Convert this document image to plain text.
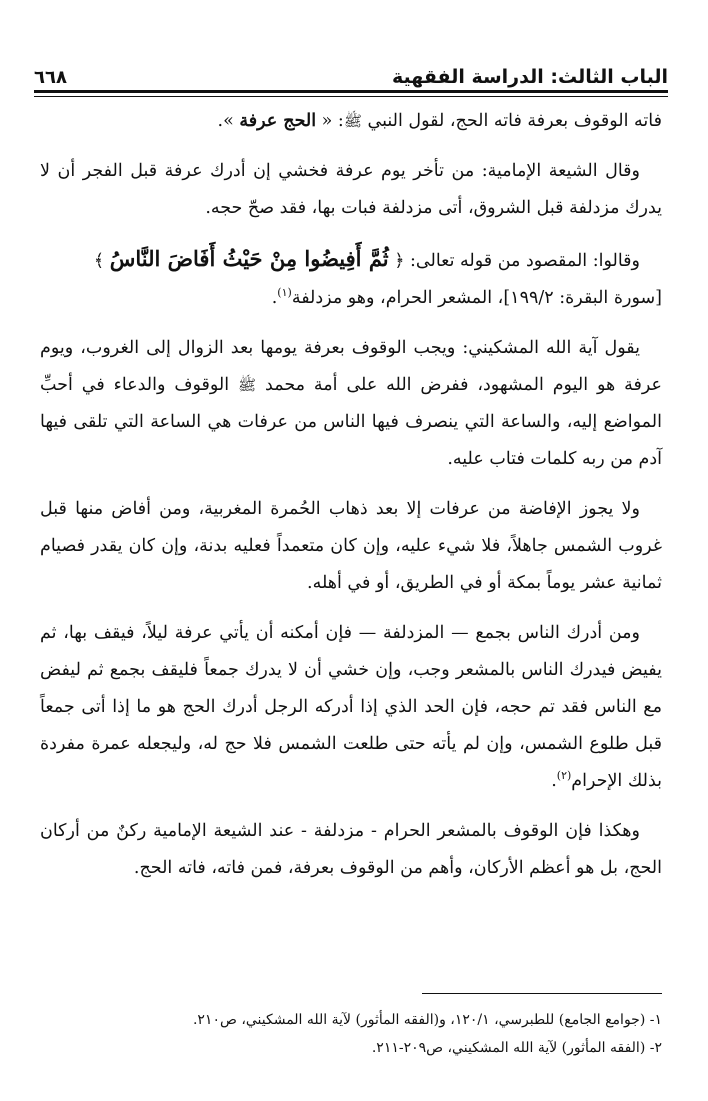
الباب الثالث: الدراسة الفقهية
٦٦٨

فاته الوقوف بعرفة فاته الحج، لقول النبي ﷺ: « الحج عرفة ».

وقال الشيعة الإمامية: من تأخر يوم عرفة فخشي إن أدرك عرفة قبل الفجر أن لا يدرك مزدلفة قبل الشروق، أتى مزدلفة فبات بها، فقد صحّ حجه.

وقالوا: المقصود من قوله تعالى: ﴿ ثُمَّ أَفِيضُوا مِنْ حَيْثُ أَفَاضَ النَّاسُ ﴾

[سورة البقرة: ١٩٩/٢]، المشعر الحرام، وهو مزدلفة$^{(١)}$.

يقول آية الله المشكيني: ويجب الوقوف بعرفة يومها بعد الزوال إلى الغروب، ويوم عرفة هو اليوم المشهود، ففرض الله على أمة محمد ﷺ الوقوف والدعاء في أحبِّ المواضع إليه، والساعة التي ينصرف فيها الناس من عرفات هي الساعة التي تلقى فيها آدم من ربه كلمات فتاب عليه.

ولا يجوز الإفاضة من عرفات إلا بعد ذهاب الحُمرة المغربية، ومن أفاض منها قبل غروب الشمس جاهلاً، فلا شيء عليه، وإن كان متعمداً فعليه بدنة، وإن كان يقدر فصيام ثمانية عشر يوماً بمكة أو في الطريق، أو في أهله.

ومن أدرك الناس بجمع — المزدلفة — فإن أمكنه أن يأتي عرفة ليلاً، فيقف بها، ثم يفيض فيدرك الناس بالمشعر وجب، وإن خشي أن لا يدرك جمعاً فليقف بجمع ثم ليفض مع الناس فقد تم حجه، فإن الحد الذي إذا أدركه الرجل أدرك الحج هو ما إذا أتى جمعاً قبل طلوع الشمس، وإن لم يأته حتى طلعت الشمس فلا حج له، وليجعله عمرة مفردة بذلك الإحرام$^{(٢)}$.

وهكذا فإن الوقوف بالمشعر الحرام - مزدلفة - عند الشيعة الإمامية ركنٌ من أركان الحج، بل هو أعظم الأركان، وأهم من الوقوف بعرفة، فمن فاته، فاته الحج.

١- (جوامع الجامع) للطبرسي، ١٢٠/١، و(الفقه المأثور) لآية الله المشكيني، ص٢١٠.

٢- (الفقه المأثور) لآية الله المشكيني، ص٢٠٩-٢١١.
